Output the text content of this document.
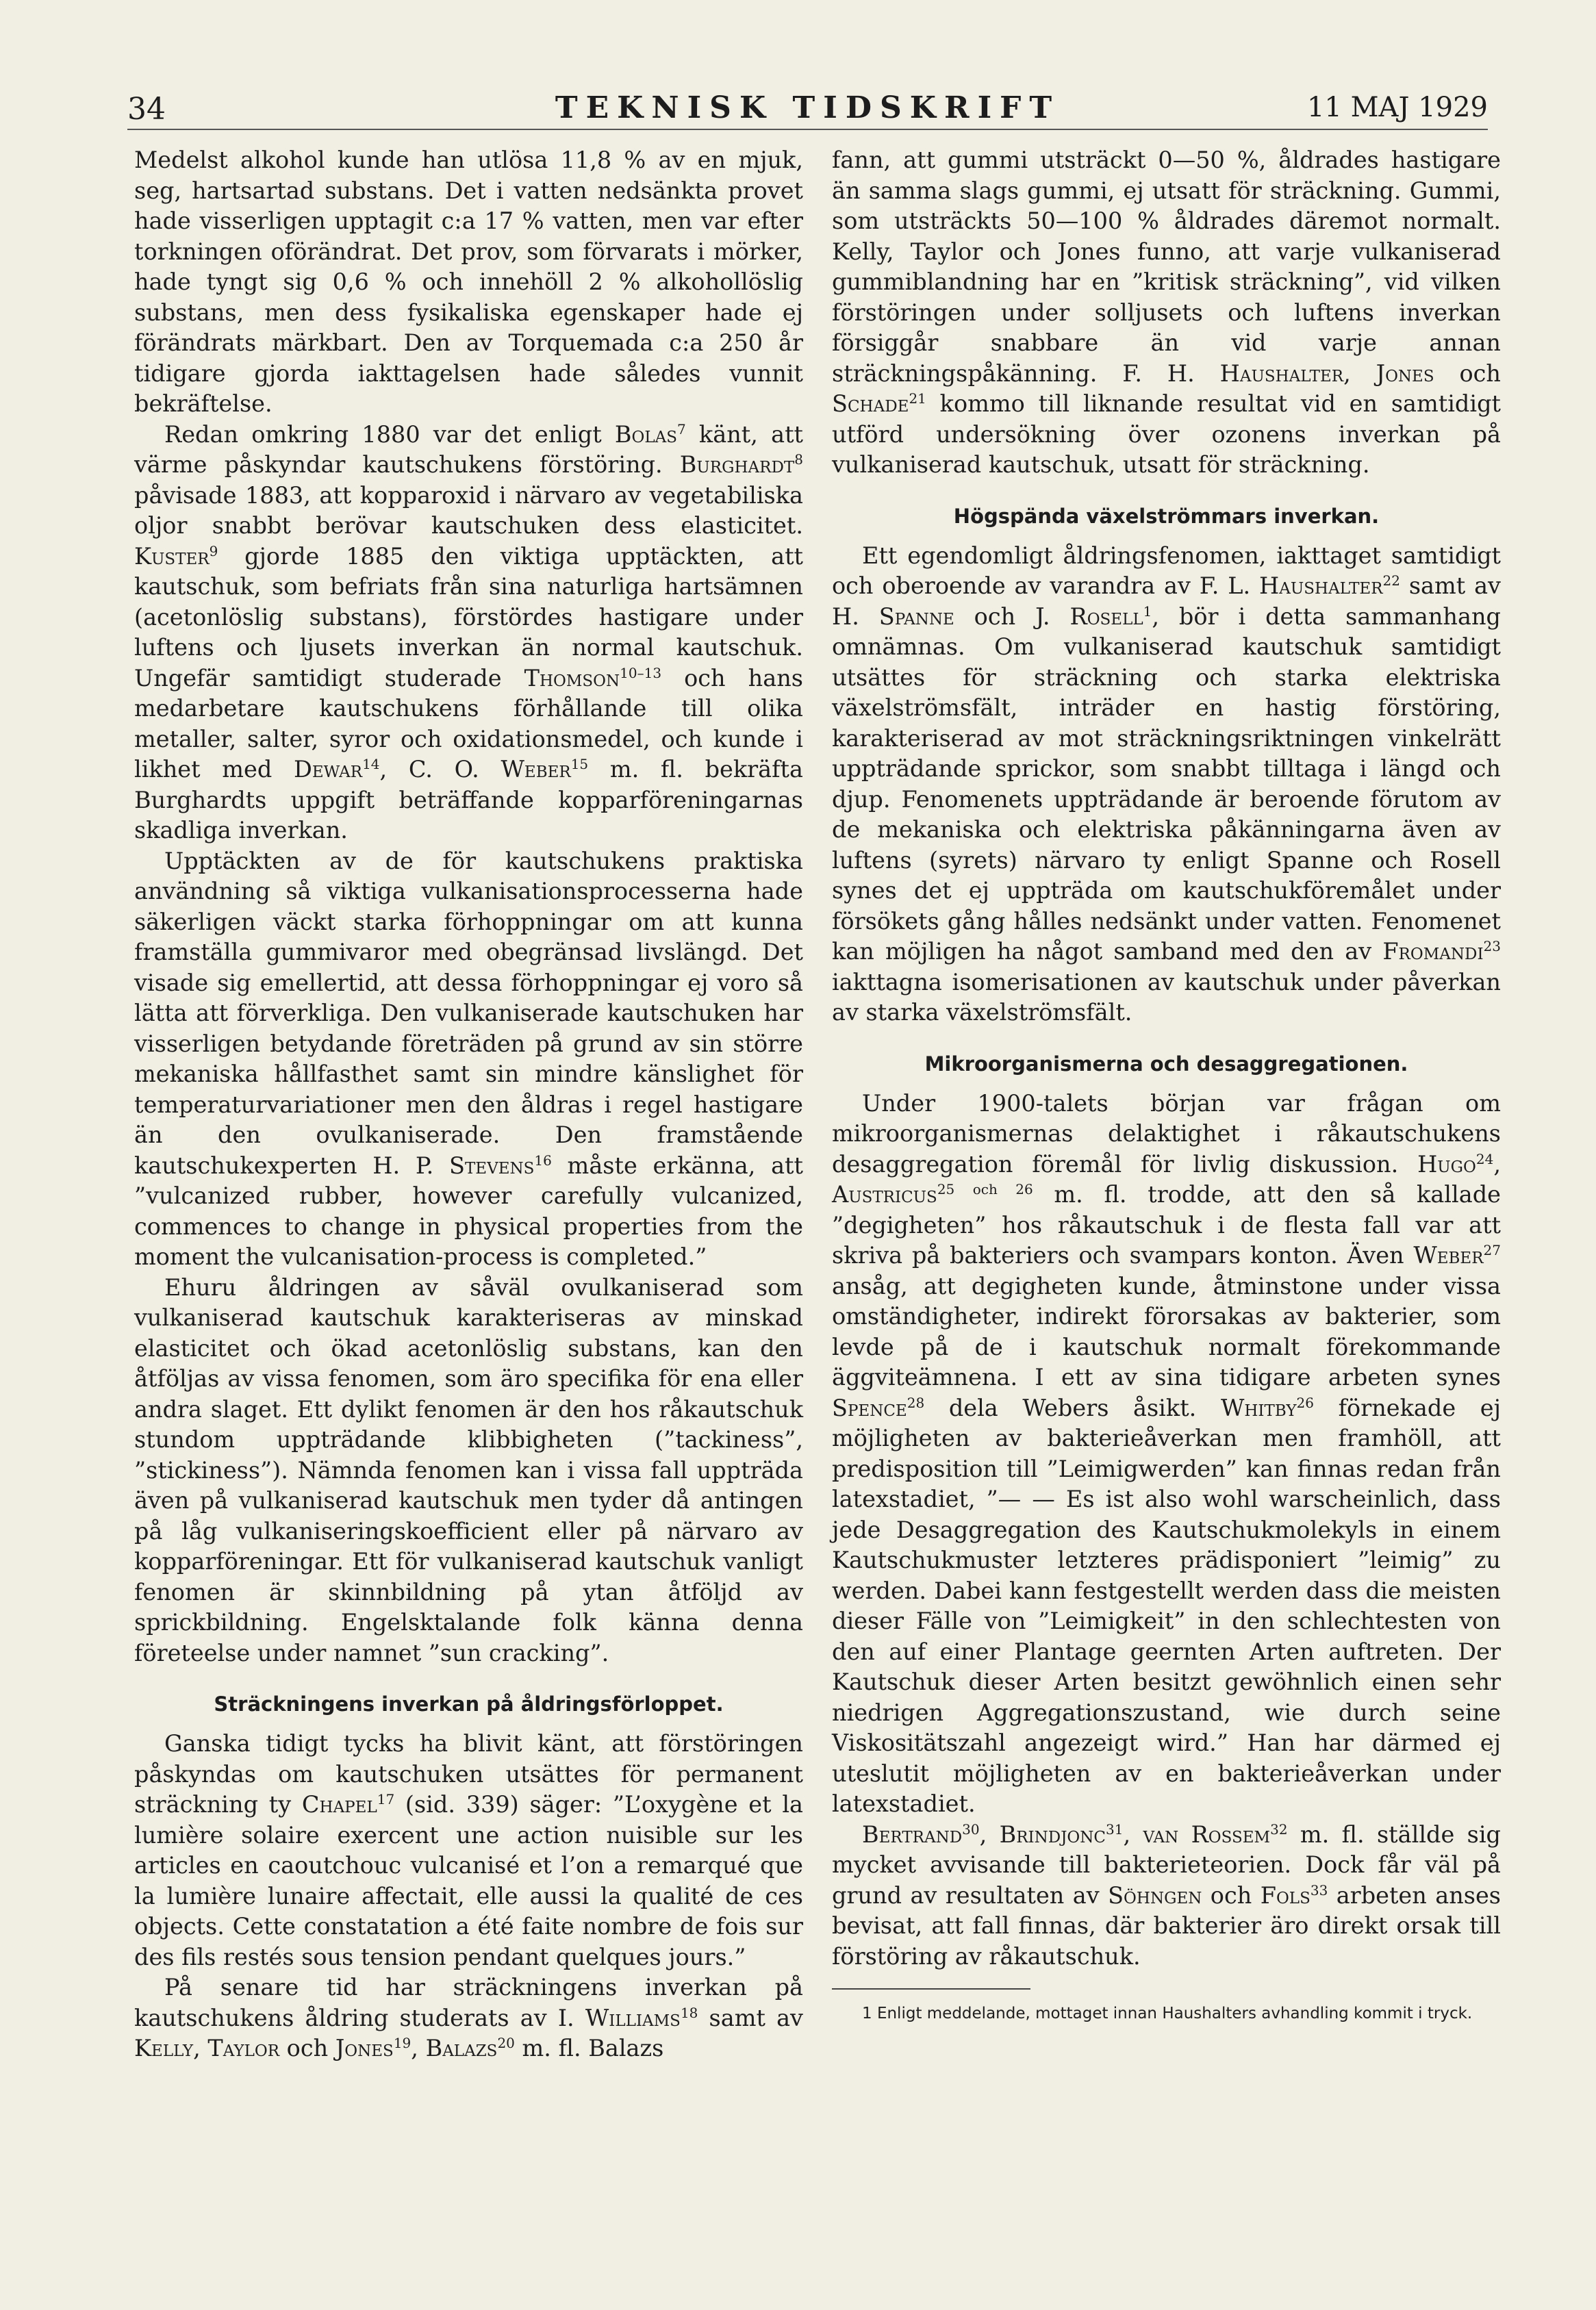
34	TEKNISK TIDSKRIFT	11 MAJ 1929

Medelst alkohol kunde han utlösa 11,8 % av en mjuk, seg, hartsartad substans. Det i vatten nedsänkta provet hade visserligen upptagit c:a 17 % vatten, men var efter torkningen oförändrat. Det prov, som förvarats i mörker, hade tyngt sig 0,6 % och innehöll 2 % alkohollöslig substans, men dess fysikaliska egenskaper hade ej förändrats märkbart. Den av Torquemada c:a 250 år tidigare gjorda iakttagelsen hade således vunnit bekräftelse.

Redan omkring 1880 var det enligt Bolas$^7$ känt, att värme påskyndar kautschukens förstöring. Burghardt$^8$ påvisade 1883, att kopparoxid i närvaro av vegetabiliska oljor snabbt berövar kautschuken dess elasticitet. Kuster$^9$ gjorde 1885 den viktiga upptäckten, att kautschuk, som befriats från sina naturliga hartsämnen (acetonlöslig substans), förstördes hastigare under luftens och ljusets inverkan än normal kautschuk. Ungefär samtidigt studerade Thomson$^{10-13}$ och hans medarbetare kautschukens förhållande till olika metaller, salter, syror och oxidationsmedel, och kunde i likhet med Dewar$^{14}$, C. O. Weber$^{15}$ m. fl. bekräfta Burghardts uppgift beträffande kopparföreningarnas skadliga inverkan.

Upptäckten av de för kautschukens praktiska användning så viktiga vulkanisationsprocesserna hade säkerligen väckt starka förhoppningar om att kunna framställa gummivaror med obegränsad livslängd. Det visade sig emellertid, att dessa förhoppningar ej voro så lätta att förverkliga. Den vulkaniserade kautschuken har visserligen betydande företräden på grund av sin större mekaniska hållfasthet samt sin mindre känslighet för temperaturvariationer men den åldras i regel hastigare än den ovulkaniserade. Den framstående kautschukexperten H. P. Stevens$^{16}$ måste erkänna, att ”vulcanized rubber, however carefully vulcanized, commences to change in physical properties from the moment the vulcanisation-process is completed.”

Ehuru åldringen av såväl ovulkaniserad som vulkaniserad kautschuk karakteriseras av minskad elasticitet och ökad acetonlöslig substans, kan den åtföljas av vissa fenomen, som äro specifika för ena eller andra slaget. Ett dylikt fenomen är den hos råkautschuk stundom uppträdande klibbigheten (”tackiness”, ”stickiness”). Nämnda fenomen kan i vissa fall uppträda även på vulkaniserad kautschuk men tyder då antingen på låg vulkaniseringskoefficient eller på närvaro av kopparföreningar. Ett för vulkaniserad kautschuk vanligt fenomen är skinnbildning på ytan åtföljd av sprickbildning. Engelsktalande folk känna denna företeelse under namnet ”sun cracking”.

Sträckningens inverkan på åldringsförloppet.

Ganska tidigt tycks ha blivit känt, att förstöringen påskyndas om kautschuken utsättes för permanent sträckning ty Chapel$^{17}$ (sid. 339) säger: ”L’oxygène et la lumière solaire exercent une action nuisible sur les articles en caoutchouc vulcanisé et l’on a remarqué que la lumière lunaire affectait, elle aussi la qualité de ces objects. Cette constatation a été faite nombre de fois sur des fils restés sous tension pendant quelques jours.”

På senare tid har sträckningens inverkan på kautschukens åldring studerats av I. Williams$^{18}$ samt av Kelly, Taylor och Jones$^{19}$, Balazs$^{20}$ m. fl. Balazs

fann, att gummi utsträckt 0—50 %, åldrades hastigare än samma slags gummi, ej utsatt för sträckning. Gummi, som utsträckts 50—100 % åldrades däremot normalt. Kelly, Taylor och Jones funno, att varje vulkaniserad gummiblandning har en ”kritisk sträckning”, vid vilken förstöringen under solljusets och luftens inverkan försiggår snabbare än vid varje annan sträckningspåkänning. F. H. Haushalter, Jones och Schade$^{21}$ kommo till liknande resultat vid en samtidigt utförd undersökning över ozonens inverkan på vulkaniserad kautschuk, utsatt för sträckning.

Högspända växelströmmars inverkan.

Ett egendomligt åldringsfenomen, iakttaget samtidigt och oberoende av varandra av F. L. Haushalter$^{22}$ samt av H. Spanne och J. Rosell$^1$, bör i detta sammanhang omnämnas. Om vulkaniserad kautschuk samtidigt utsättes för sträckning och starka elektriska växelströmsfält, inträder en hastig förstöring, karakteriserad av mot sträckningsriktningen vinkelrätt uppträdande sprickor, som snabbt tilltaga i längd och djup. Fenomenets uppträdande är beroende förutom av de mekaniska och elektriska påkänningarna även av luftens (syrets) närvaro ty enligt Spanne och Rosell synes det ej uppträda om kautschukföremålet under försökets gång hålles nedsänkt under vatten. Fenomenet kan möjligen ha något samband med den av Fromandi$^{23}$ iakttagna isomerisationen av kautschuk under påverkan av starka växelströmsfält.

Mikroorganismerna och desaggregationen.

Under 1900-talets början var frågan om mikroorganismernas delaktighet i råkautschukens desaggregation föremål för livlig diskussion. Hugo$^{24}$, Austricus$^{25 och 26}$ m. fl. trodde, att den så kallade ”degigheten” hos råkautschuk i de flesta fall var att skriva på bakteriers och svampars konton. Även Weber$^{27}$ ansåg, att degigheten kunde, åtminstone under vissa omständigheter, indirekt förorsakas av bakterier, som levde på de i kautschuk normalt förekommande äggviteämnena. I ett av sina tidigare arbeten synes Spence$^{28}$ dela Webers åsikt. Whitby$^{26}$ förnekade ej möjligheten av bakterieåverkan men framhöll, att predisposition till ”Leimigwerden” kan finnas redan från latexstadiet, ”— — Es ist also wohl warscheinlich, dass jede Desaggregation des Kautschukmolekyls in einem Kautschukmuster letzteres prädisponiert ”leimig” zu werden. Dabei kann festgestellt werden dass die meisten dieser Fälle von ”Leimigkeit” in den schlechtesten von den auf einer Plantage geernten Arten auftreten. Der Kautschuk dieser Arten besitzt gewöhnlich einen sehr niedrigen Aggregationszustand, wie durch seine Viskositätszahl angezeigt wird.” Han har därmed ej uteslutit möjligheten av en bakterieåverkan under latexstadiet.

Bertrand$^{30}$, Brindjonc$^{31}$, van Rossem$^{32}$ m. fl. ställde sig mycket avvisande till bakterieteorien. Dock får väl på grund av resultaten av Söhngen och Fols$^{33}$ arbeten anses bevisat, att fall finnas, där bakterier äro direkt orsak till förstöring av råkautschuk.

1 Enligt meddelande, mottaget innan Haushalters avhandling kommit i tryck.
